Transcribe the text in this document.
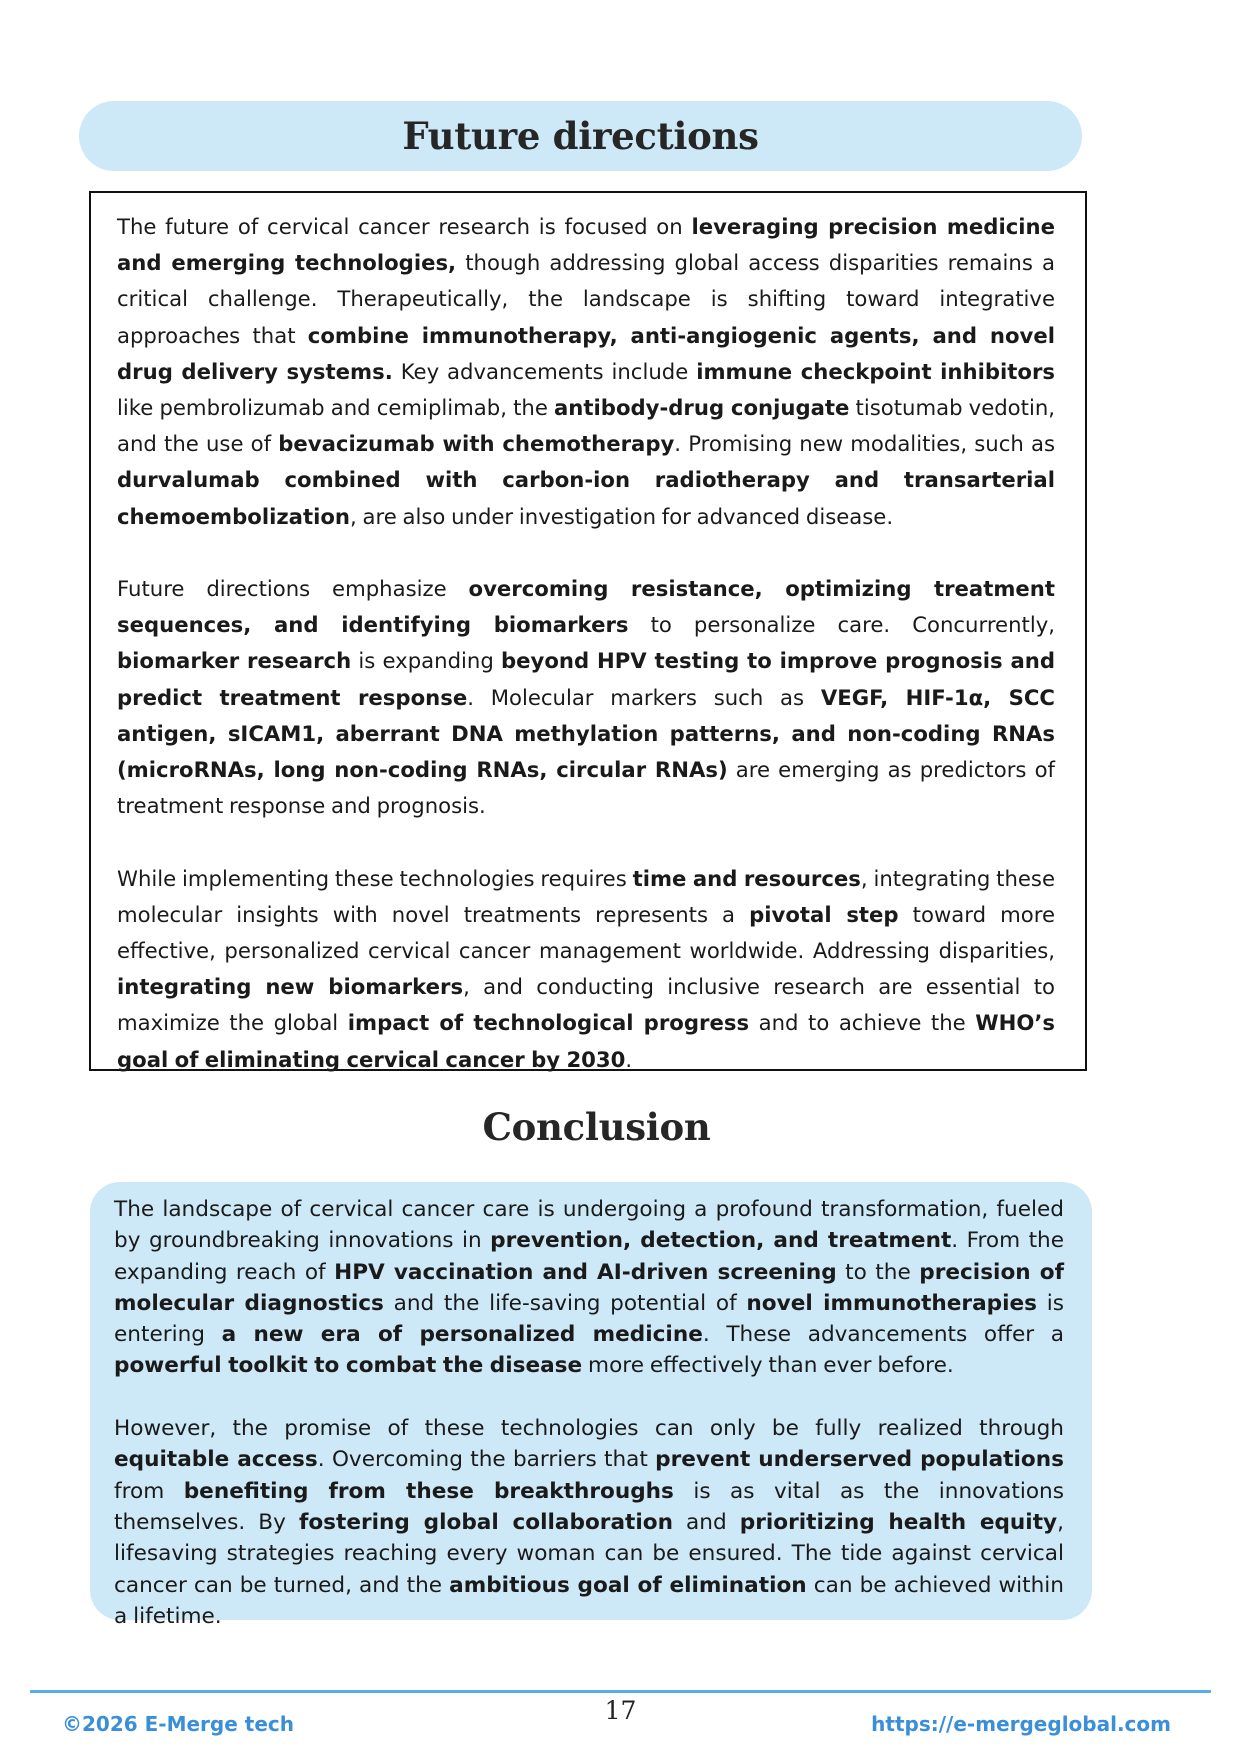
Future directions

The future of cervical cancer research is focused on leveraging precision medicine and emerging technologies, though addressing global access disparities remains a critical challenge. Therapeutically, the landscape is shifting toward integrative approaches that combine immunotherapy, anti-angiogenic agents, and novel drug delivery systems. Key advancements include immune checkpoint inhibitors like pembrolizumab and cemiplimab, the antibody-drug conjugate tisotumab vedotin, and the use of bevacizumab with chemotherapy. Promising new modalities, such as durvalumab combined with carbon-ion radiotherapy and transarterial chemoembolization, are also under investigation for advanced disease.

Future directions emphasize overcoming resistance, optimizing treatment sequences, and identifying biomarkers to personalize care. Concurrently, biomarker research is expanding beyond HPV testing to improve prognosis and predict treatment response. Molecular markers such as VEGF, HIF-1α, SCC antigen, sICAM1, aberrant DNA methylation patterns, and non-coding RNAs (microRNAs, long non-coding RNAs, circular RNAs) are emerging as predictors of treatment response and prognosis.

While implementing these technologies requires time and resources, integrating these molecular insights with novel treatments represents a pivotal step toward more effective, personalized cervical cancer management worldwide. Addressing disparities, integrating new biomarkers, and conducting inclusive research are essential to maximize the global impact of technological progress and to achieve the WHO’s goal of eliminating cervical cancer by 2030.

Conclusion

The landscape of cervical cancer care is undergoing a profound transformation, fueled by groundbreaking innovations in prevention, detection, and treatment. From the expanding reach of HPV vaccination and AI-driven screening to the precision of molecular diagnostics and the life-saving potential of novel immunotherapies is entering a new era of personalized medicine. These advancements offer a powerful toolkit to combat the disease more effectively than ever before.

However, the promise of these technologies can only be fully realized through equitable access. Overcoming the barriers that prevent underserved populations from benefiting from these breakthroughs is as vital as the innovations themselves. By fostering global collaboration and prioritizing health equity, lifesaving strategies reaching every woman can be ensured. The tide against cervical cancer can be turned, and the ambitious goal of elimination can be achieved within a lifetime.

17
©2026 E-Merge tech	https://e-mergeglobal.com
